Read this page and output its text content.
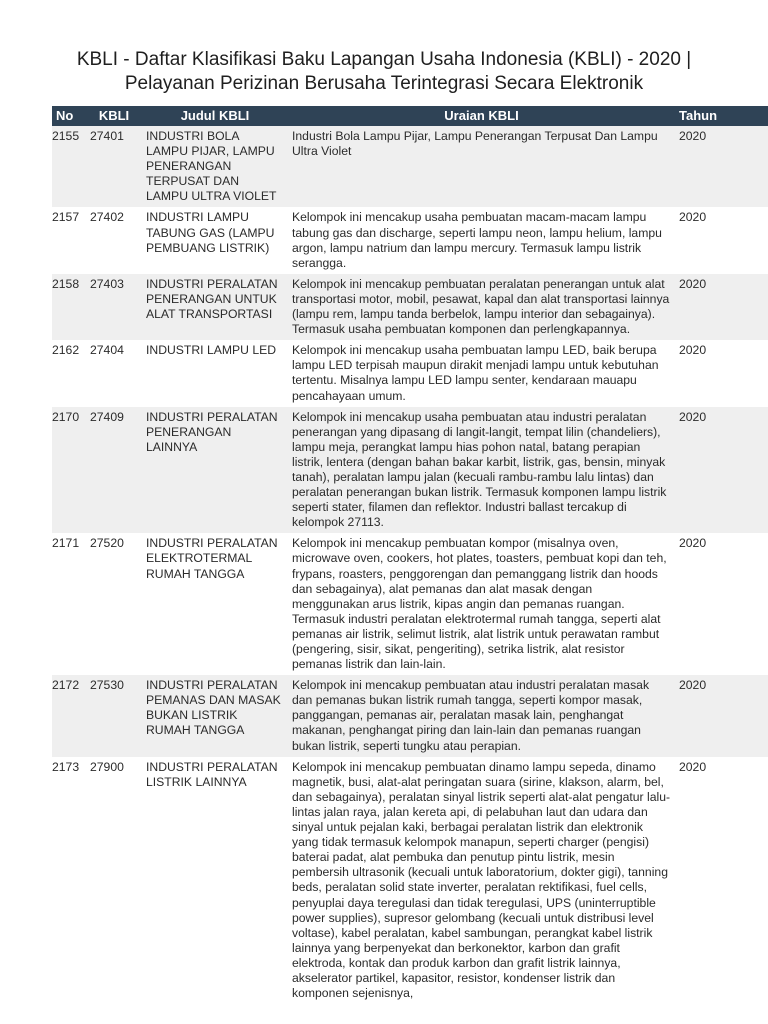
KBLI - Daftar Klasifikasi Baku Lapangan Usaha Indonesia (KBLI) - 2020 |
Pelayanan Perizinan Berusaha Terintegrasi Secara Elektronik
No	KBLI	Judul KBLI	Uraian KBLI	Tahun
2155	27401	INDUSTRI BOLA LAMPU PIJAR, LAMPU PENERANGAN TERPUSAT DAN LAMPU ULTRA VIOLET	Industri Bola Lampu Pijar, Lampu Penerangan Terpusat Dan Lampu Ultra Violet	2020
2157	27402	INDUSTRI LAMPU TABUNG GAS (LAMPU PEMBUANG LISTRIK)	Kelompok ini mencakup usaha pembuatan macam-macam lampu tabung gas dan discharge, seperti lampu neon, lampu helium, lampu argon, lampu natrium dan lampu mercury. Termasuk lampu listrik serangga.	2020
2158	27403	INDUSTRI PERALATAN PENERANGAN UNTUK ALAT TRANSPORTASI	Kelompok ini mencakup pembuatan peralatan penerangan untuk alat transportasi motor, mobil, pesawat, kapal dan alat transportasi lainnya (lampu rem, lampu tanda berbelok, lampu interior dan sebagainya). Termasuk usaha pembuatan komponen dan perlengkapannya.	2020
2162	27404	INDUSTRI LAMPU LED	Kelompok ini mencakup usaha pembuatan lampu LED, baik berupa lampu LED terpisah maupun dirakit menjadi lampu untuk kebutuhan tertentu. Misalnya lampu LED lampu senter, kendaraan mauapu pencahayaan umum.	2020
2170	27409	INDUSTRI PERALATAN PENERANGAN LAINNYA	Kelompok ini mencakup usaha pembuatan atau industri peralatan penerangan yang dipasang di langit-langit, tempat lilin (chandeliers), lampu meja, perangkat lampu hias pohon natal, batang perapian listrik, lentera (dengan bahan bakar karbit, listrik, gas, bensin, minyak tanah), peralatan lampu jalan (kecuali rambu-rambu lalu lintas) dan peralatan penerangan bukan listrik. Termasuk komponen lampu listrik seperti stater, filamen dan reflektor. Industri ballast tercakup di kelompok 27113.	2020
2171	27520	INDUSTRI PERALATAN ELEKTROTERMAL RUMAH TANGGA	Kelompok ini mencakup pembuatan kompor (misalnya oven, microwave oven, cookers, hot plates, toasters, pembuat kopi dan teh, frypans, roasters, penggorengan dan pemanggang listrik dan hoods dan sebagainya), alat pemanas dan alat masak dengan menggunakan arus listrik, kipas angin dan pemanas ruangan. Termasuk industri peralatan elektrotermal rumah tangga, seperti alat pemanas air listrik, selimut listrik, alat listrik untuk perawatan rambut (pengering, sisir, sikat, pengeriting), setrika listrik, alat resistor pemanas listrik dan lain-lain.	2020
2172	27530	INDUSTRI PERALATAN PEMANAS DAN MASAK BUKAN LISTRIK RUMAH TANGGA	Kelompok ini mencakup pembuatan atau industri peralatan masak dan pemanas bukan listrik rumah tangga, seperti kompor masak, panggangan, pemanas air, peralatan masak lain, penghangat makanan, penghangat piring dan lain-lain dan pemanas ruangan bukan listrik, seperti tungku atau perapian.	2020
2173	27900	INDUSTRI PERALATAN LISTRIK LAINNYA	Kelompok ini mencakup pembuatan dinamo lampu sepeda, dinamo magnetik, busi, alat-alat peringatan suara (sirine, klakson, alarm, bel, dan sebagainya), peralatan sinyal listrik seperti alat-alat pengatur lalu-lintas jalan raya, jalan kereta api, di pelabuhan laut dan udara dan sinyal untuk pejalan kaki, berbagai peralatan listrik dan elektronik yang tidak termasuk kelompok manapun, seperti charger (pengisi) baterai padat, alat pembuka dan penutup pintu listrik, mesin pembersih ultrasonik (kecuali untuk laboratorium, dokter gigi), tanning beds, peralatan solid state inverter, peralatan rektifikasi, fuel cells, penyuplai daya teregulasi dan tidak teregulasi, UPS (uninterruptible power supplies), supresor gelombang (kecuali untuk distribusi level voltase), kabel peralatan, kabel sambungan, perangkat kabel listrik lainnya yang berpenyekat dan berkonektor, karbon dan grafit elektroda, kontak dan produk karbon dan grafit listrik lainnya, akselerator partikel, kapasitor, resistor, kondenser listrik dan komponen sejenisnya,	2020
